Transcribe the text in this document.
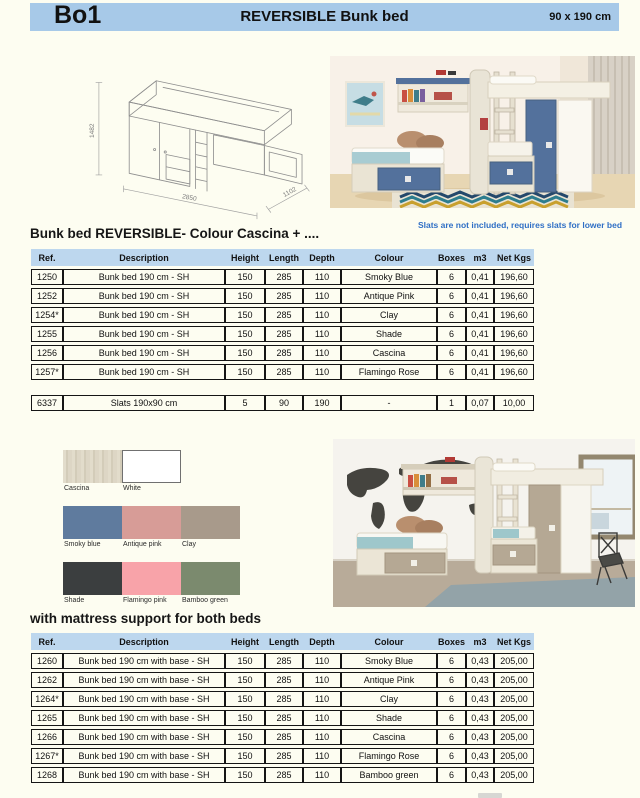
Bo1	REVERSIBLE Bunk bed	90 x 190 cm
1482
2850	1102
Bunk bed REVERSIBLE- Colour Cascina + ....
Slats are not included, requires slats for lower bed
Ref.	Description	Height	Length	Depth	Colour	Boxes	m3	Net Kgs
1250	Bunk bed 190 cm - SH	150	285	110	Smoky Blue	6	0,41	196,60
1252	Bunk bed 190 cm - SH	150	285	110	Antique Pink	6	0,41	196,60
1254*	Bunk bed 190 cm - SH	150	285	110	Clay	6	0,41	196,60
1255	Bunk bed 190 cm - SH	150	285	110	Shade	6	0,41	196,60
1256	Bunk bed 190 cm - SH	150	285	110	Cascina	6	0,41	196,60
1257*	Bunk bed 190 cm - SH	150	285	110	Flamingo Rose	6	0,41	196,60
6337	Slats 190x90 cm	5	90	190	-	1	0,07	10,00
Cascina	White
Smoky blue	Antique pink	Clay
Shade	Flamingo pink	Bamboo green
with mattress support for both beds
Ref.	Description	Height	Length	Depth	Colour	Boxes	m3	Net Kgs
1260	Bunk bed 190 cm with base - SH	150	285	110	Smoky Blue	6	0,43	205,00
1262	Bunk bed 190 cm with base - SH	150	285	110	Antique Pink	6	0,43	205,00
1264*	Bunk bed 190 cm with base - SH	150	285	110	Clay	6	0,43	205,00
1265	Bunk bed 190 cm with base - SH	150	285	110	Shade	6	0,43	205,00
1266	Bunk bed 190 cm with base - SH	150	285	110	Cascina	6	0,43	205,00
1267*	Bunk bed 190 cm with base - SH	150	285	110	Flamingo Rose	6	0,43	205,00
1268	Bunk bed 190 cm with base - SH	150	285	110	Bamboo green	6	0,43	205,00
